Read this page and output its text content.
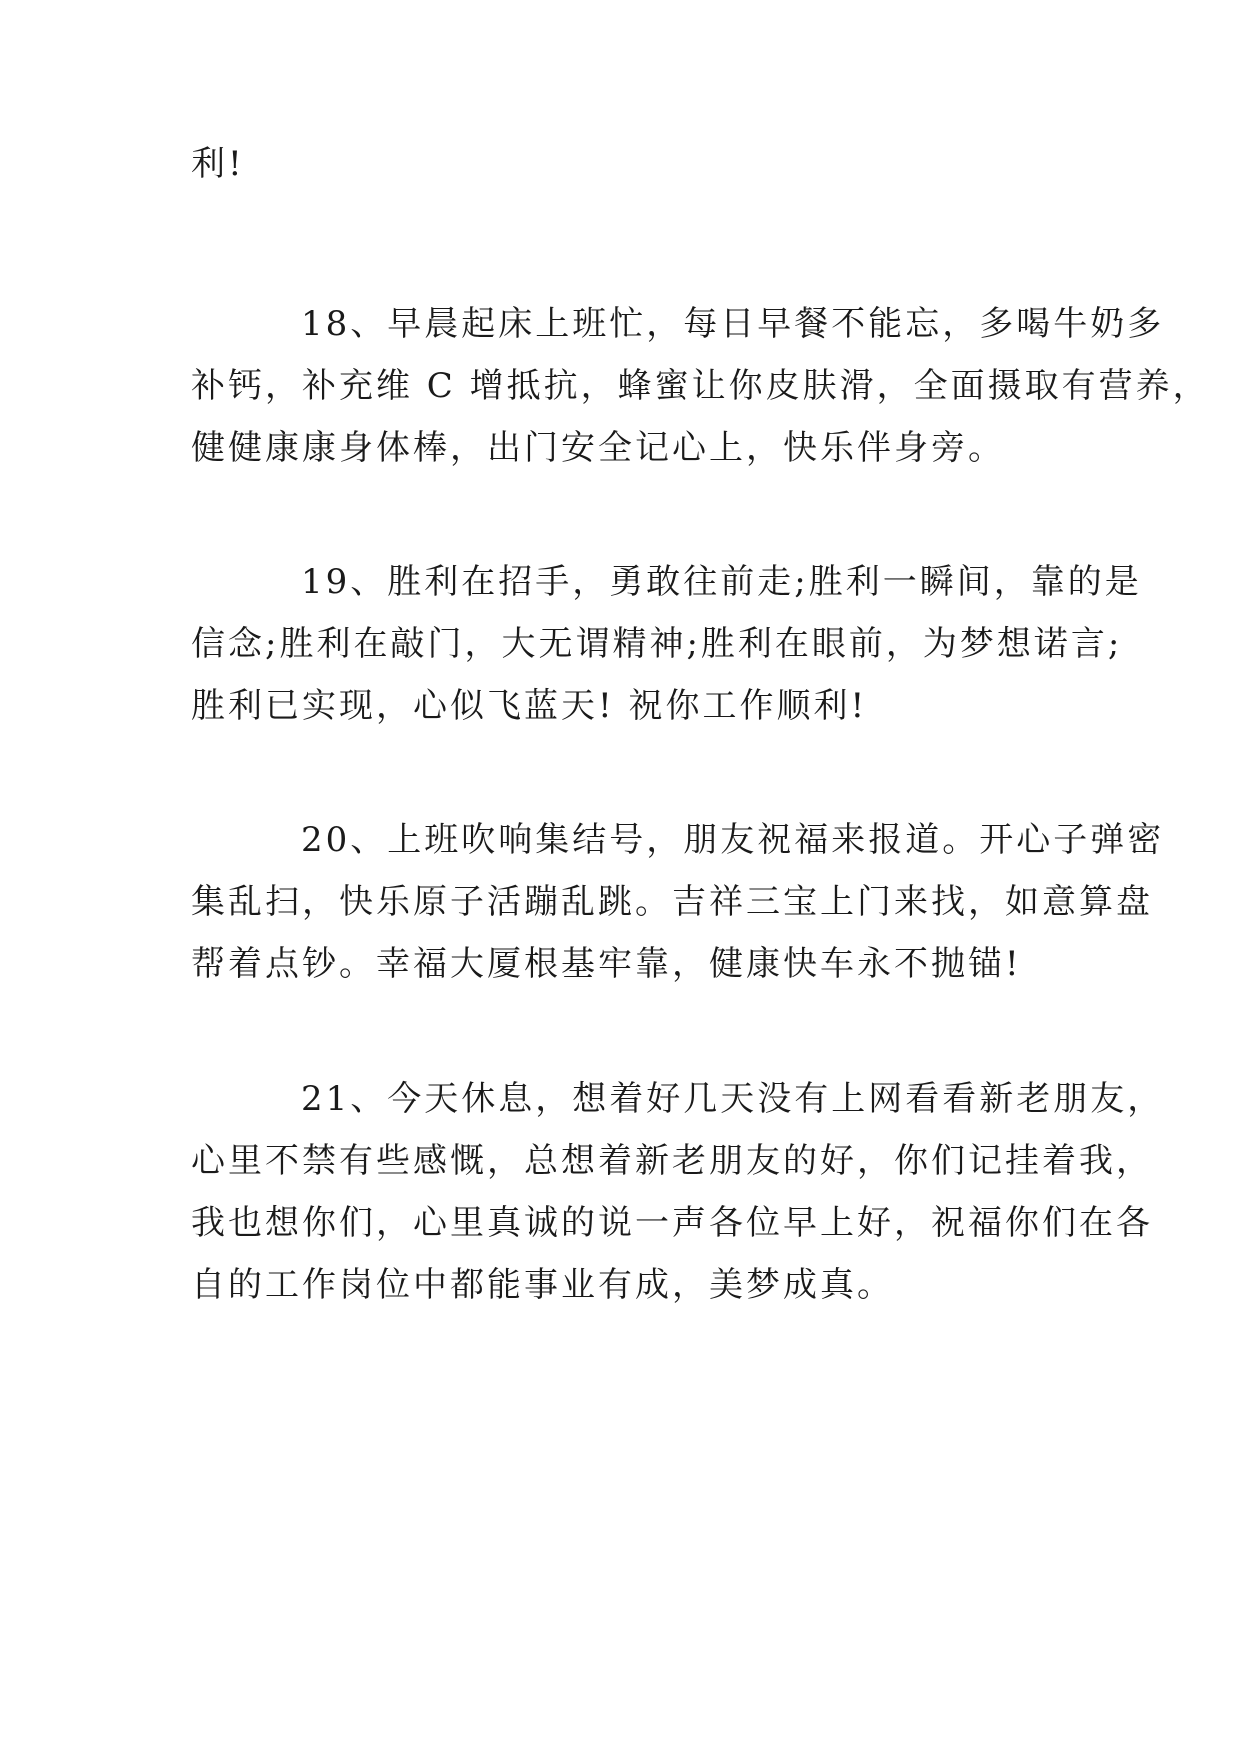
利!
18、早晨起床上班忙，每日早餐不能忘，多喝牛奶多
补钙，补充维 C 增抵抗，蜂蜜让你皮肤滑，全面摄取有营养，
健健康康身体棒，出门安全记心上，快乐伴身旁。
19、胜利在招手，勇敢往前走;胜利一瞬间，靠的是
信念;胜利在敲门，大无谓精神;胜利在眼前，为梦想诺言;
胜利已实现，心似飞蓝天! 祝你工作顺利!
20、上班吹响集结号，朋友祝福来报道。开心子弹密
集乱扫，快乐原子活蹦乱跳。吉祥三宝上门来找，如意算盘
帮着点钞。幸福大厦根基牢靠，健康快车永不抛锚!
21、今天休息，想着好几天没有上网看看新老朋友，
心里不禁有些感慨，总想着新老朋友的好，你们记挂着我，
我也想你们，心里真诚的说一声各位早上好，祝福你们在各
自的工作岗位中都能事业有成，美梦成真。
